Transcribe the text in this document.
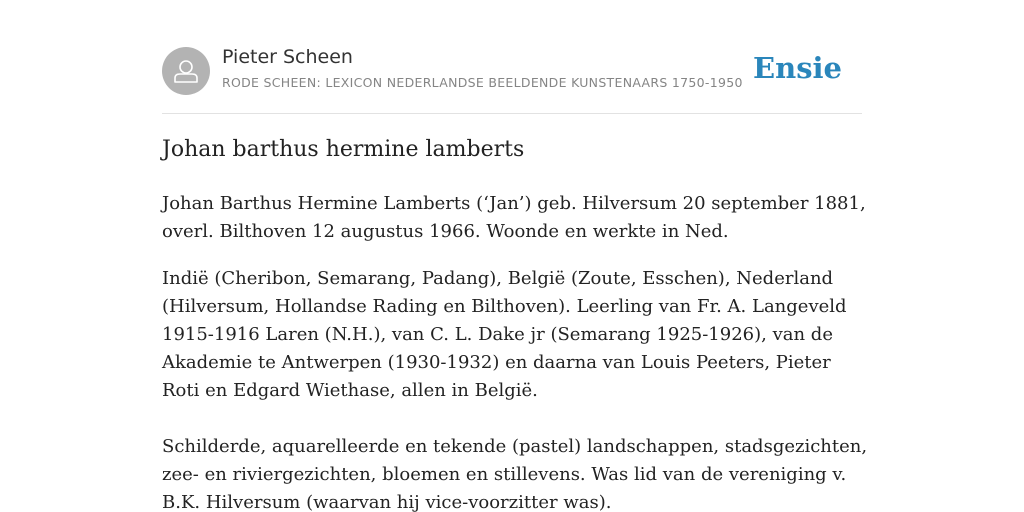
Pieter Scheen
RODE SCHEEN: LEXICON NEDERLANDSE BEELDENDE KUNSTENAARS 1750-1950 Ensie
Johan barthus hermine lamberts

Johan Barthus Hermine Lamberts (‘Jan’) geb. Hilversum 20 september 1881, overl. Bilthoven 12 augustus 1966. Woonde en werkte in Ned.

Indië (Cheribon, Semarang, Padang), België (Zoute, Esschen), Nederland (Hilversum, Hollandse Rading en Bilthoven). Leerling van Fr. A. Langeveld 1915-1916 Laren (N.H.), van C. L. Dake jr (Semarang 1925-1926), van de Akademie te Antwerpen (1930-1932) en daarna van Louis Peeters, Pieter Roti en Edgard Wiethase, allen in België.

Schilderde, aquarelleerde en tekende (pastel) landschappen, stadsgezichten, zee- en riviergezichten, bloemen en stillevens. Was lid van de vereniging v. B.K. Hilversum (waarvan hij vice-voorzitter was).
